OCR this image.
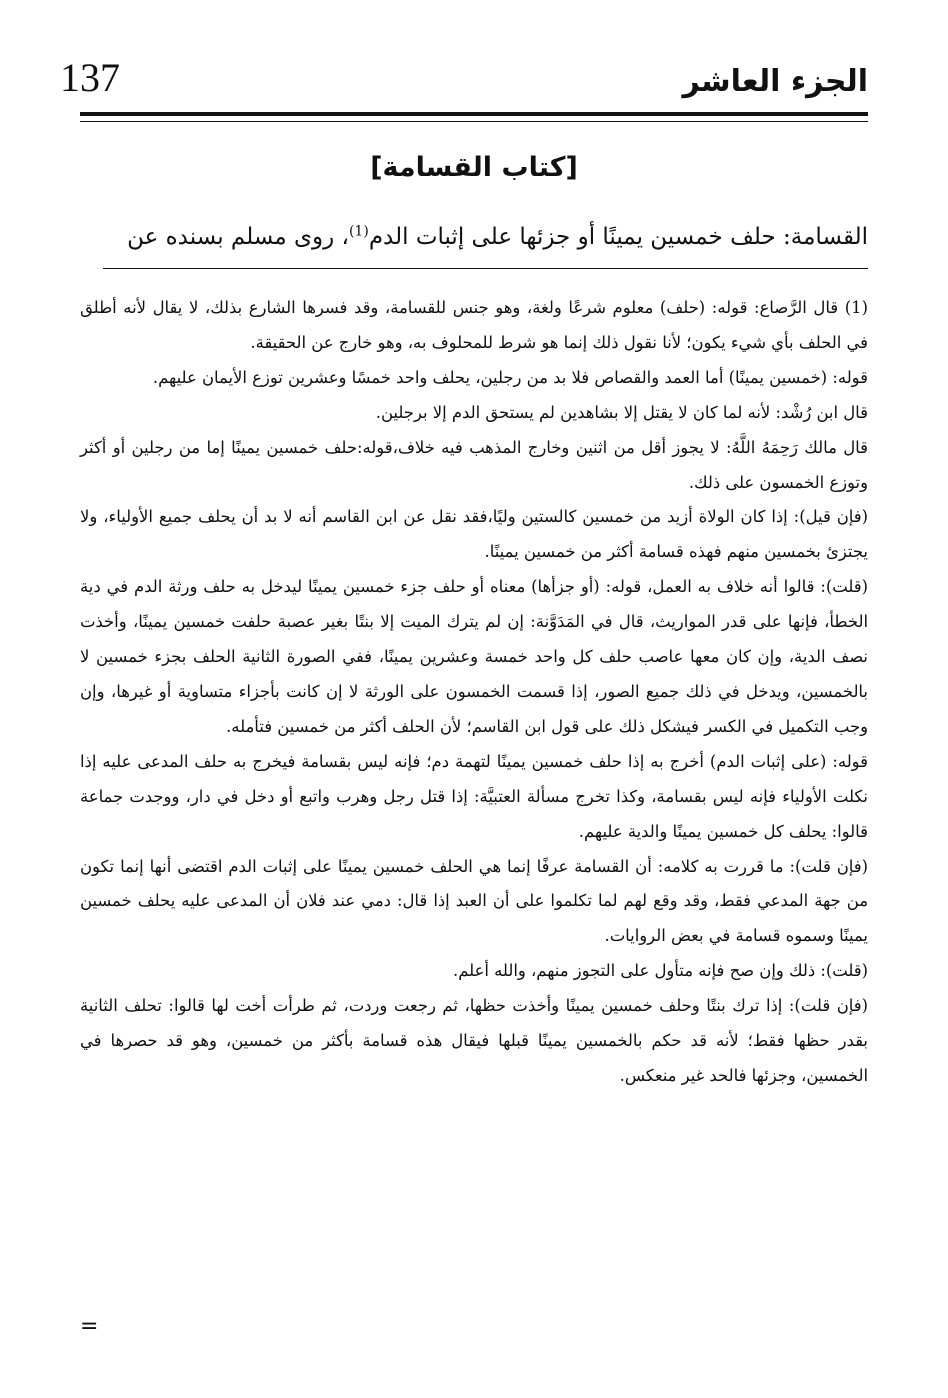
137	الجزء العاشر
[كتاب القسامة]
القسامة: حلف خمسين يمينًا أو جزئها على إثبات الدم$^{(1)}$، روى مسلم بسنده عن

(1) قال الرَّصاع: قوله: (حلف) معلوم شرعًا ولغة، وهو جنس للقسامة، وقد فسرها الشارع بذلك، لا يقال لأنه أطلق في الحلف بأي شيء يكون؛ لأنا نقول ذلك إنما هو شرط للمحلوف به، وهو خارج عن الحقيقة.

قوله: (خمسين يمينًا) أما العمد والقصاص فلا بد من رجلين، يحلف واحد خمسًا وعشرين توزع الأيمان عليهم.

قال ابن رُشْد: لأنه لما كان لا يقتل إلا بشاهدين لم يستحق الدم إلا برجلين.

قال مالك رَحِمَهُ اللَّهُ: لا يجوز أقل من اثنين وخارج المذهب فيه خلاف،قوله:حلف خمسين يمينًا إما من رجلين أو أكثر وتوزع الخمسون على ذلك.

(فإن قيل): إذا كان الولاة أزيد من خمسين كالستين وليًا،فقد نقل عن ابن القاسم أنه لا بد أن يحلف جميع الأولياء، ولا يجتزئ بخمسين منهم فهذه قسامة أكثر من خمسين يمينًا.

(قلت): قالوا أنه خلاف به العمل، قوله: (أو جزأها) معناه أو حلف جزء خمسين يمينًا ليدخل به حلف ورثة الدم في دية الخطأ، فإنها على قدر المواريث، قال في المَدَوَّنة: إن لم يترك الميت إلا بنتًا بغير عصبة حلفت خمسين يمينًا، وأخذت نصف الدية، وإن كان معها عاصب حلف كل واحد خمسة وعشرين يمينًا، ففي الصورة الثانية الحلف بجزء خمسين لا بالخمسين، ويدخل في ذلك جميع الصور، إذا قسمت الخمسون على الورثة لا إن كانت بأجزاء متساوية أو غيرها، وإن وجب التكميل في الكسر فيشكل ذلك على قول ابن القاسم؛ لأن الحلف أكثر من خمسين فتأمله.

قوله: (على إثبات الدم) أخرج به إذا حلف خمسين يمينًا لتهمة دم؛ فإنه ليس بقسامة فيخرج به حلف المدعى عليه إذا نكلت الأولياء فإنه ليس بقسامة، وكذا تخرج مسألة العتبيَّة: إذا قتل رجل وهرب واتبع أو دخل في دار، ووجدت جماعة قالوا: يحلف كل خمسين يمينًا والدية عليهم.

(فإن قلت): ما قررت به كلامه: أن القسامة عرفًا إنما هي الحلف خمسين يمينًا على إثبات الدم اقتضى أنها إنما تكون من جهة المدعي فقط، وقد وقع لهم لما تكلموا على أن العبد إذا قال: دمي عند فلان أن المدعى عليه يحلف خمسين يمينًا وسموه قسامة في بعض الروايات.

(قلت): ذلك وإن صح فإنه متأول على التجوز منهم، والله أعلم.

(فإن قلت): إذا ترك بنتًا وحلف خمسين يمينًا وأخذت حظها، ثم رجعت وردت، ثم طرأت أخت لها قالوا: تحلف الثانية بقدر حظها فقط؛ لأنه قد حكم بالخمسين يمينًا قبلها فيقال هذه قسامة بأكثر من خمسين، وهو قد حصرها في الخمسين، وجزئها فالحد غير منعكس.

=
